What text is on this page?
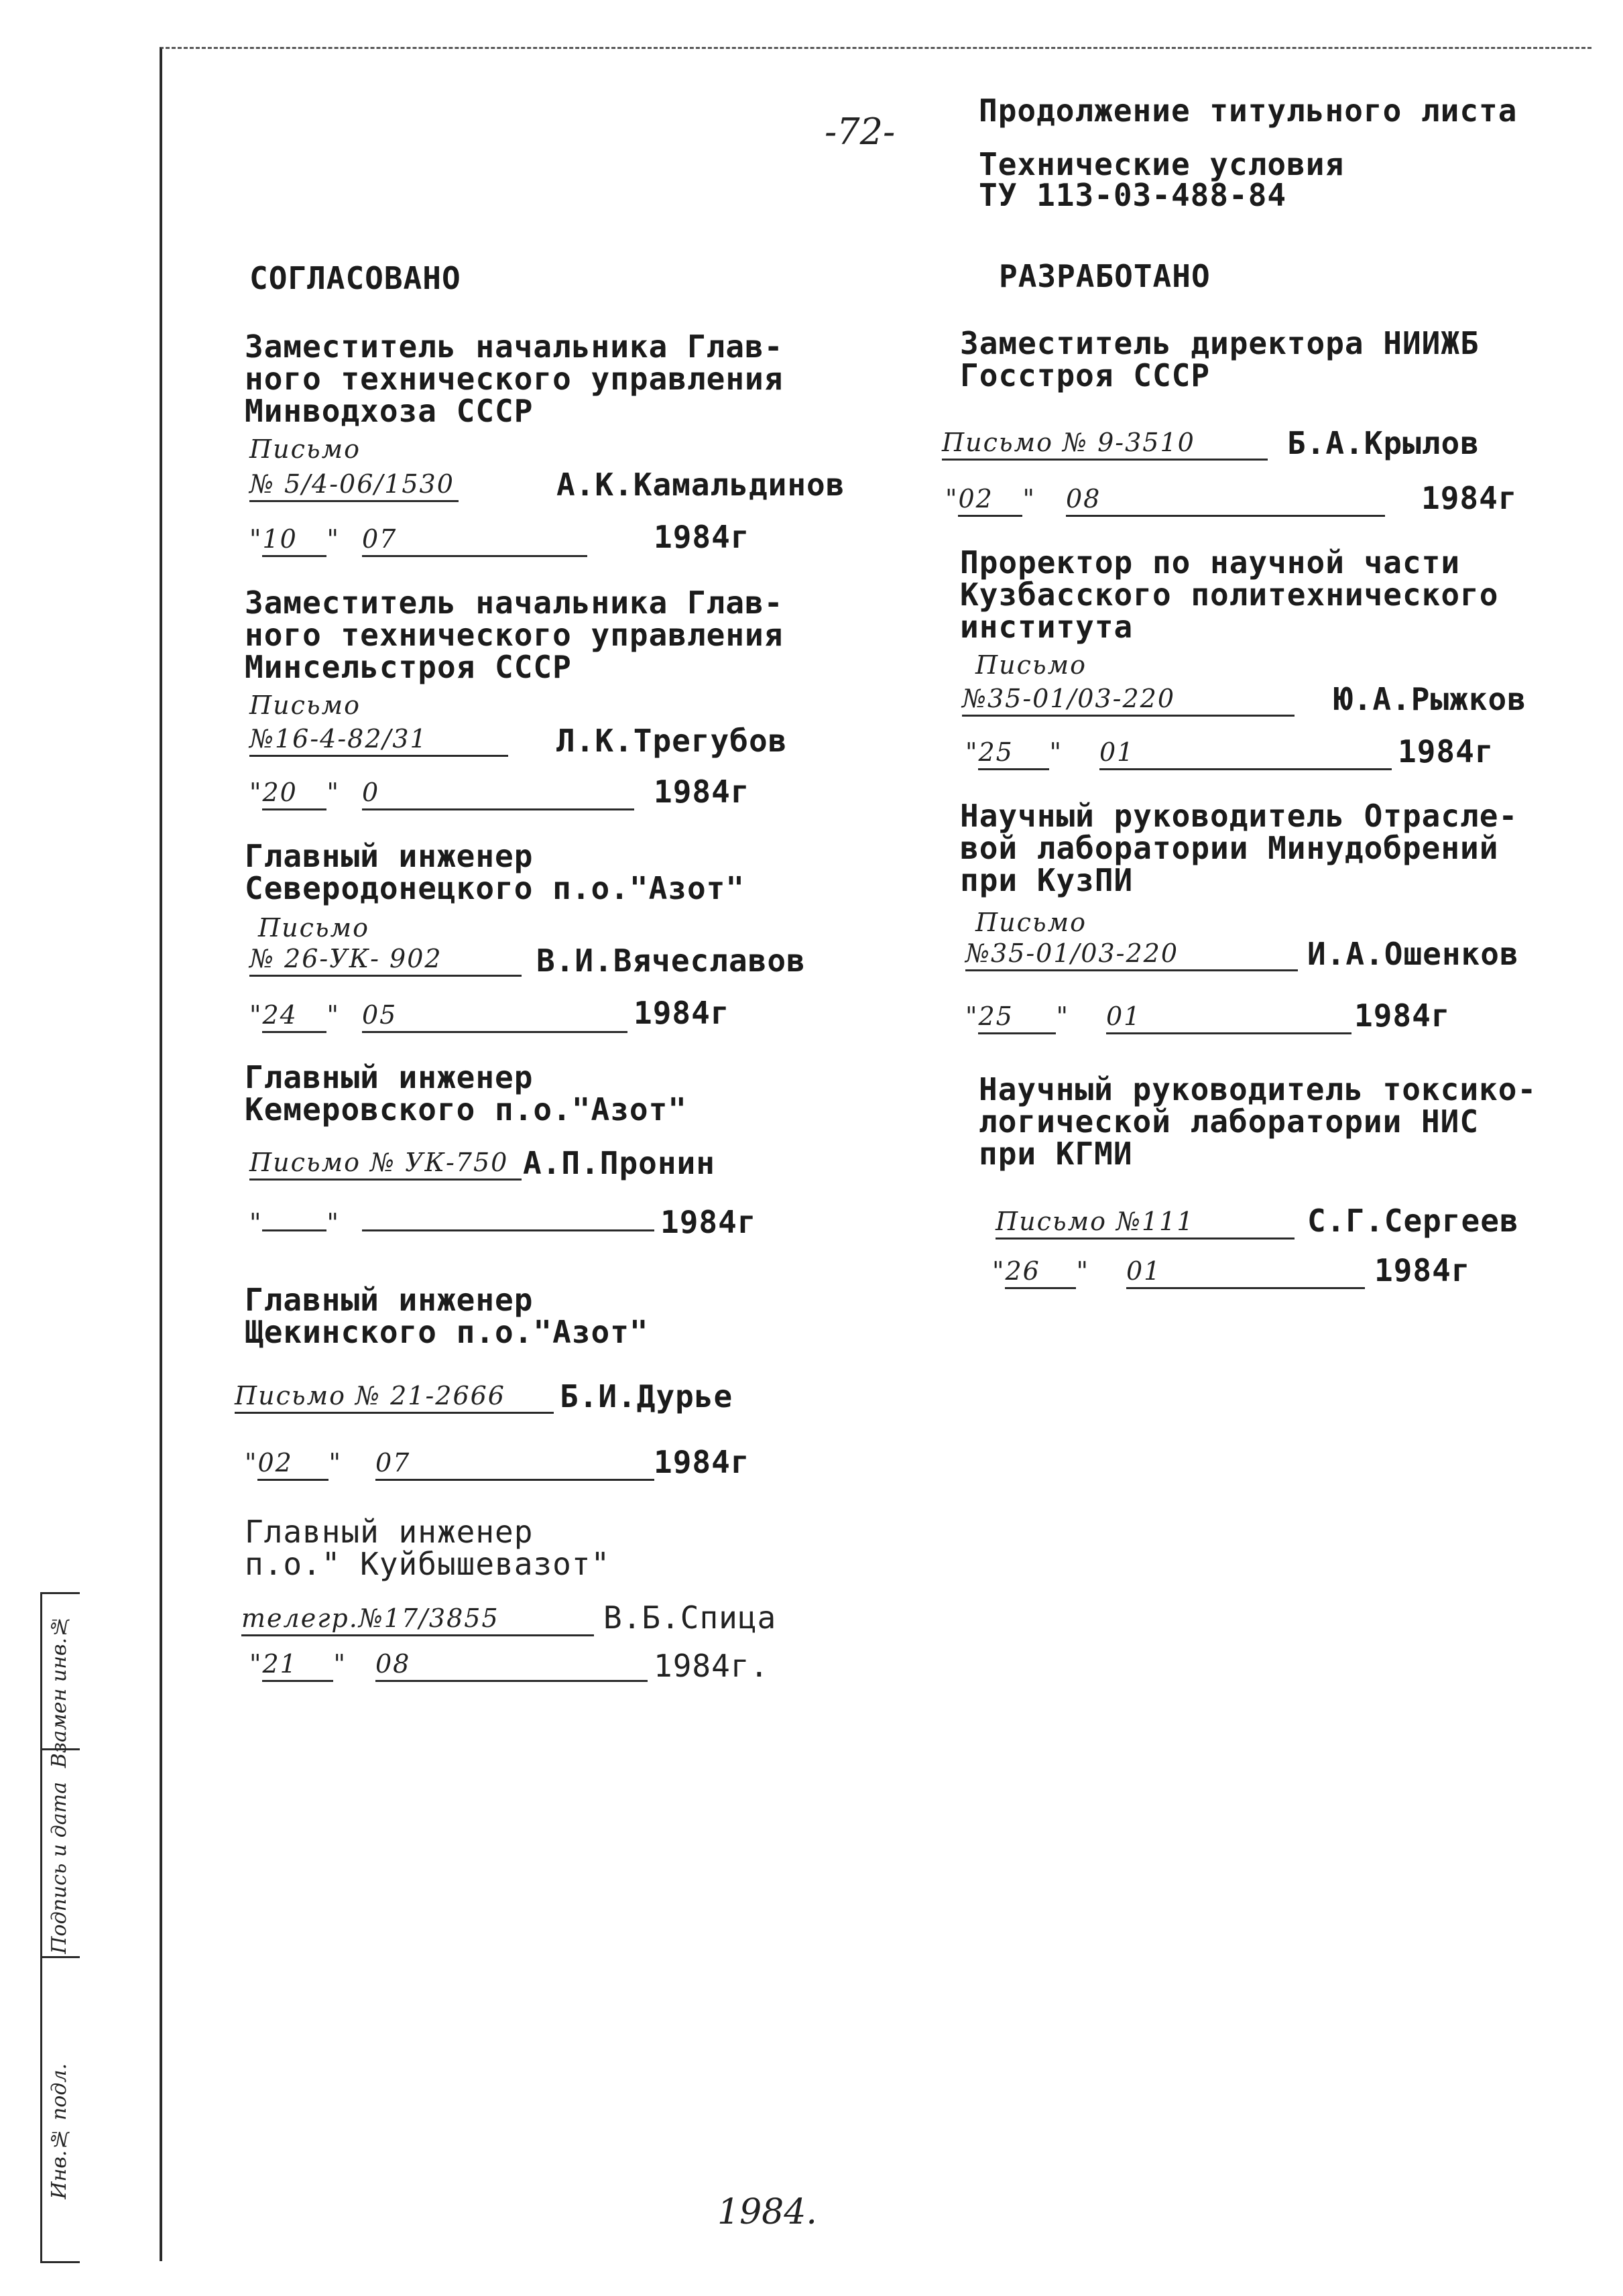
Взамен инв.№
Подпись и дата
Инв.№ подл.
-72-	Продолжение титульного листа
Технические условия
ТУ 113-03-488-84
СОГЛАСОВАНО	РАЗРАБОТАНО
Заместитель начальника Глав-
ного технического управления
Минводхоза СССР
Письмо
№ 5/4-06/1530	А.К.Камальдинов
"10 " 07	1984г
Заместитель начальника Глав-
ного технического управления
Минсельстроя СССР
Письмо
№16-4-82/31	Л.К.Трегубов
"20 " 0	1984г
Главный инженер
Северодонецкого п.о."Азот"
Письмо
№ 26-УК- 902	В.И.Вячеславов
"24 " 05	1984г
Главный инженер
Кемеровского п.о."Азот"
Письмо № УК-750 А.П.Пронин
"	"	1984г
Главный инженер
Щекинского п.о."Азот"
Письмо № 21-2666	Б.И.Дурье
"02 " 07	1984г
Главный инженер
п.о." Куйбышевазот"
телегр.№17/3855	В.Б.Спица
"21 " 08	1984г.
Заместитель директора НИИЖБ
Госстроя СССР
Письмо № 9-3510	Б.А.Крылов
"02 " 08	1984г
Проректор по научной части
Кузбасского политехнического
института
Письмо
№35-01/03-220	Ю.А.Рыжков
"25 " 01	1984г
Научный руководитель Отраслe-
вой лаборатории Минудобрений
при КузПИ
Письмо
№35-01/03-220	И.А.Ошенков
"25 " 01	1984г
Научный руководитель токсико-
логической лаборатории НИС
при КГМИ
Письмо №111	С.Г.Сергеев
"26 " 01	1984г
1984.
